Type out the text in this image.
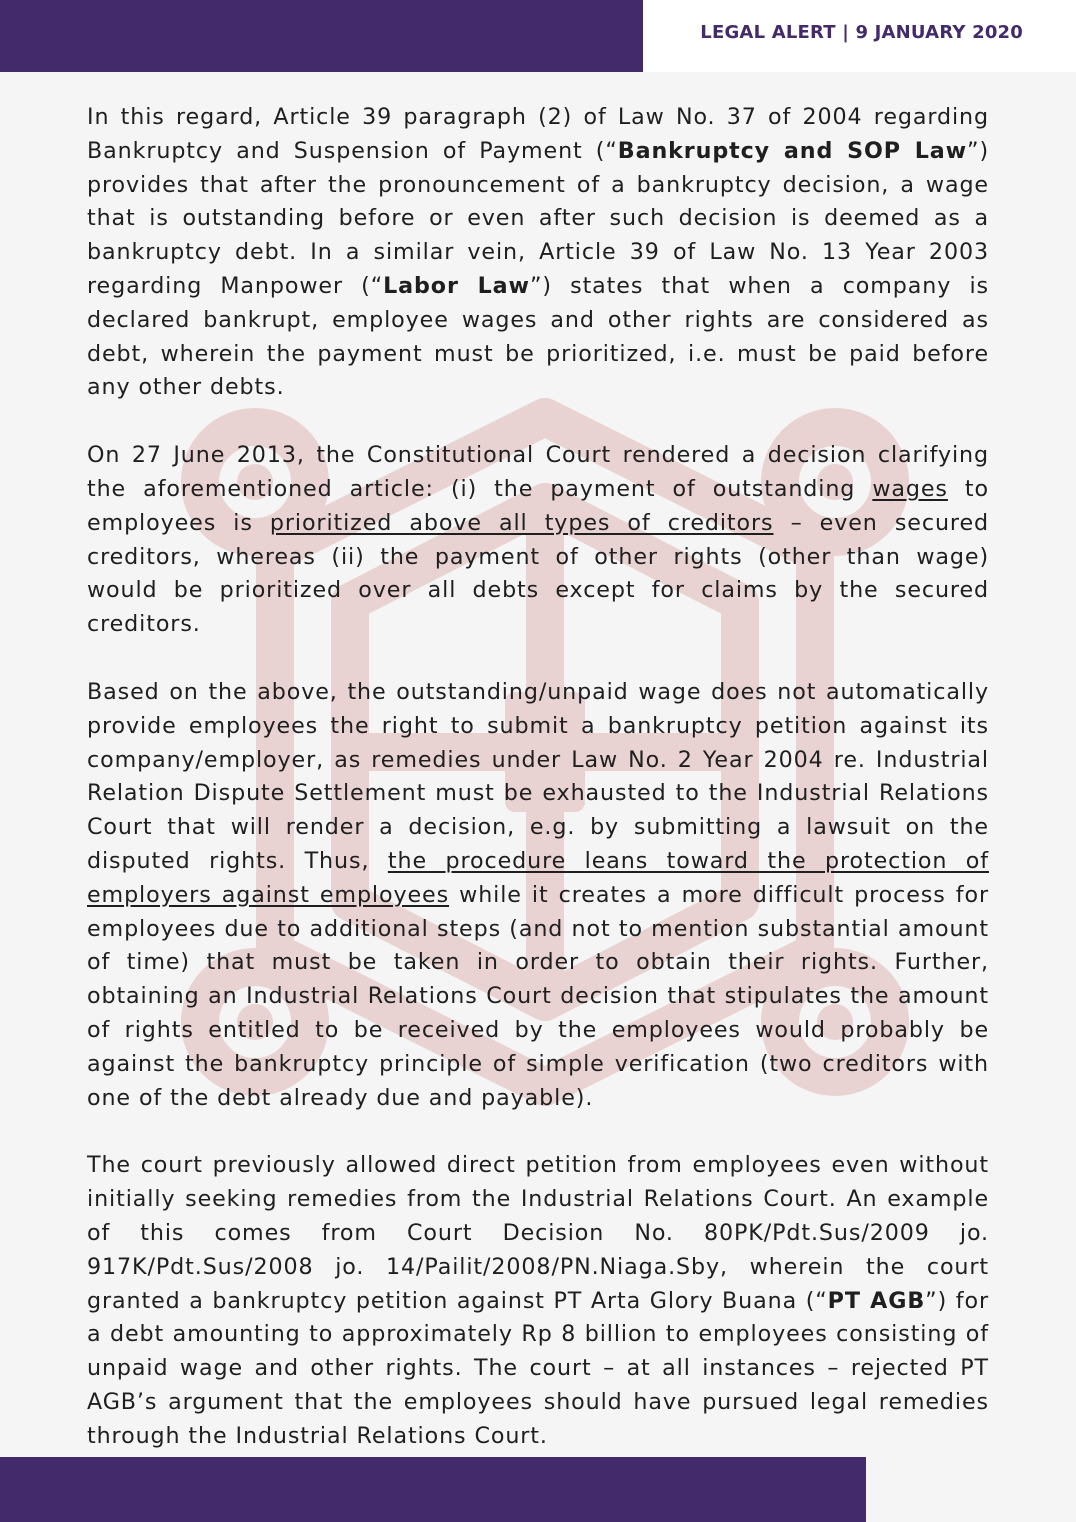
LEGAL ALERT | 9 JANUARY 2020

In this regard, Article 39 paragraph (2) of Law No. 37 of 2004 regarding Bankruptcy and Suspension of Payment (“Bankruptcy and SOP Law”) provides that after the pronouncement of a bankruptcy decision, a wage that is outstanding before or even after such decision is deemed as a bankruptcy debt. In a similar vein, Article 39 of Law No. 13 Year 2003 regarding Manpower (“Labor Law”) states that when a company is declared bankrupt, employee wages and other rights are considered as debt, wherein the payment must be prioritized, i.e. must be paid before any other debts.

On 27 June 2013, the Constitutional Court rendered a decision clarifying the aforementioned article: (i) the payment of outstanding wages to employees is prioritized above all types of creditors – even secured creditors, whereas (ii) the payment of other rights (other than wage) would be prioritized over all debts except for claims by the secured creditors.

Based on the above, the outstanding/unpaid wage does not automatically provide employees the right to submit a bankruptcy petition against its company/employer, as remedies under Law No. 2 Year 2004 re. Industrial Relation Dispute Settlement must be exhausted to the Industrial Relations Court that will render a decision, e.g. by submitting a lawsuit on the disputed rights. Thus, the procedure leans toward the protection of employers against employees while it creates a more difficult process for employees due to additional steps (and not to mention substantial amount of time) that must be taken in order to obtain their rights. Further, obtaining an Industrial Relations Court decision that stipulates the amount of rights entitled to be received by the employees would probably be against the bankruptcy principle of simple verification (two creditors with one of the debt already due and payable).

The court previously allowed direct petition from employees even without initially seeking remedies from the Industrial Relations Court. An example of this comes from Court Decision No. 80PK/Pdt.Sus/2009 jo. 917K/Pdt.Sus/2008 jo. 14/Pailit/2008/PN.Niaga.Sby, wherein the court granted a bankruptcy petition against PT Arta Glory Buana (“PT AGB”) for a debt amounting to approximately Rp 8 billion to employees consisting of unpaid wage and other rights. The court – at all instances – rejected PT AGB’s argument that the employees should have pursued legal remedies through the Industrial Relations Court.
